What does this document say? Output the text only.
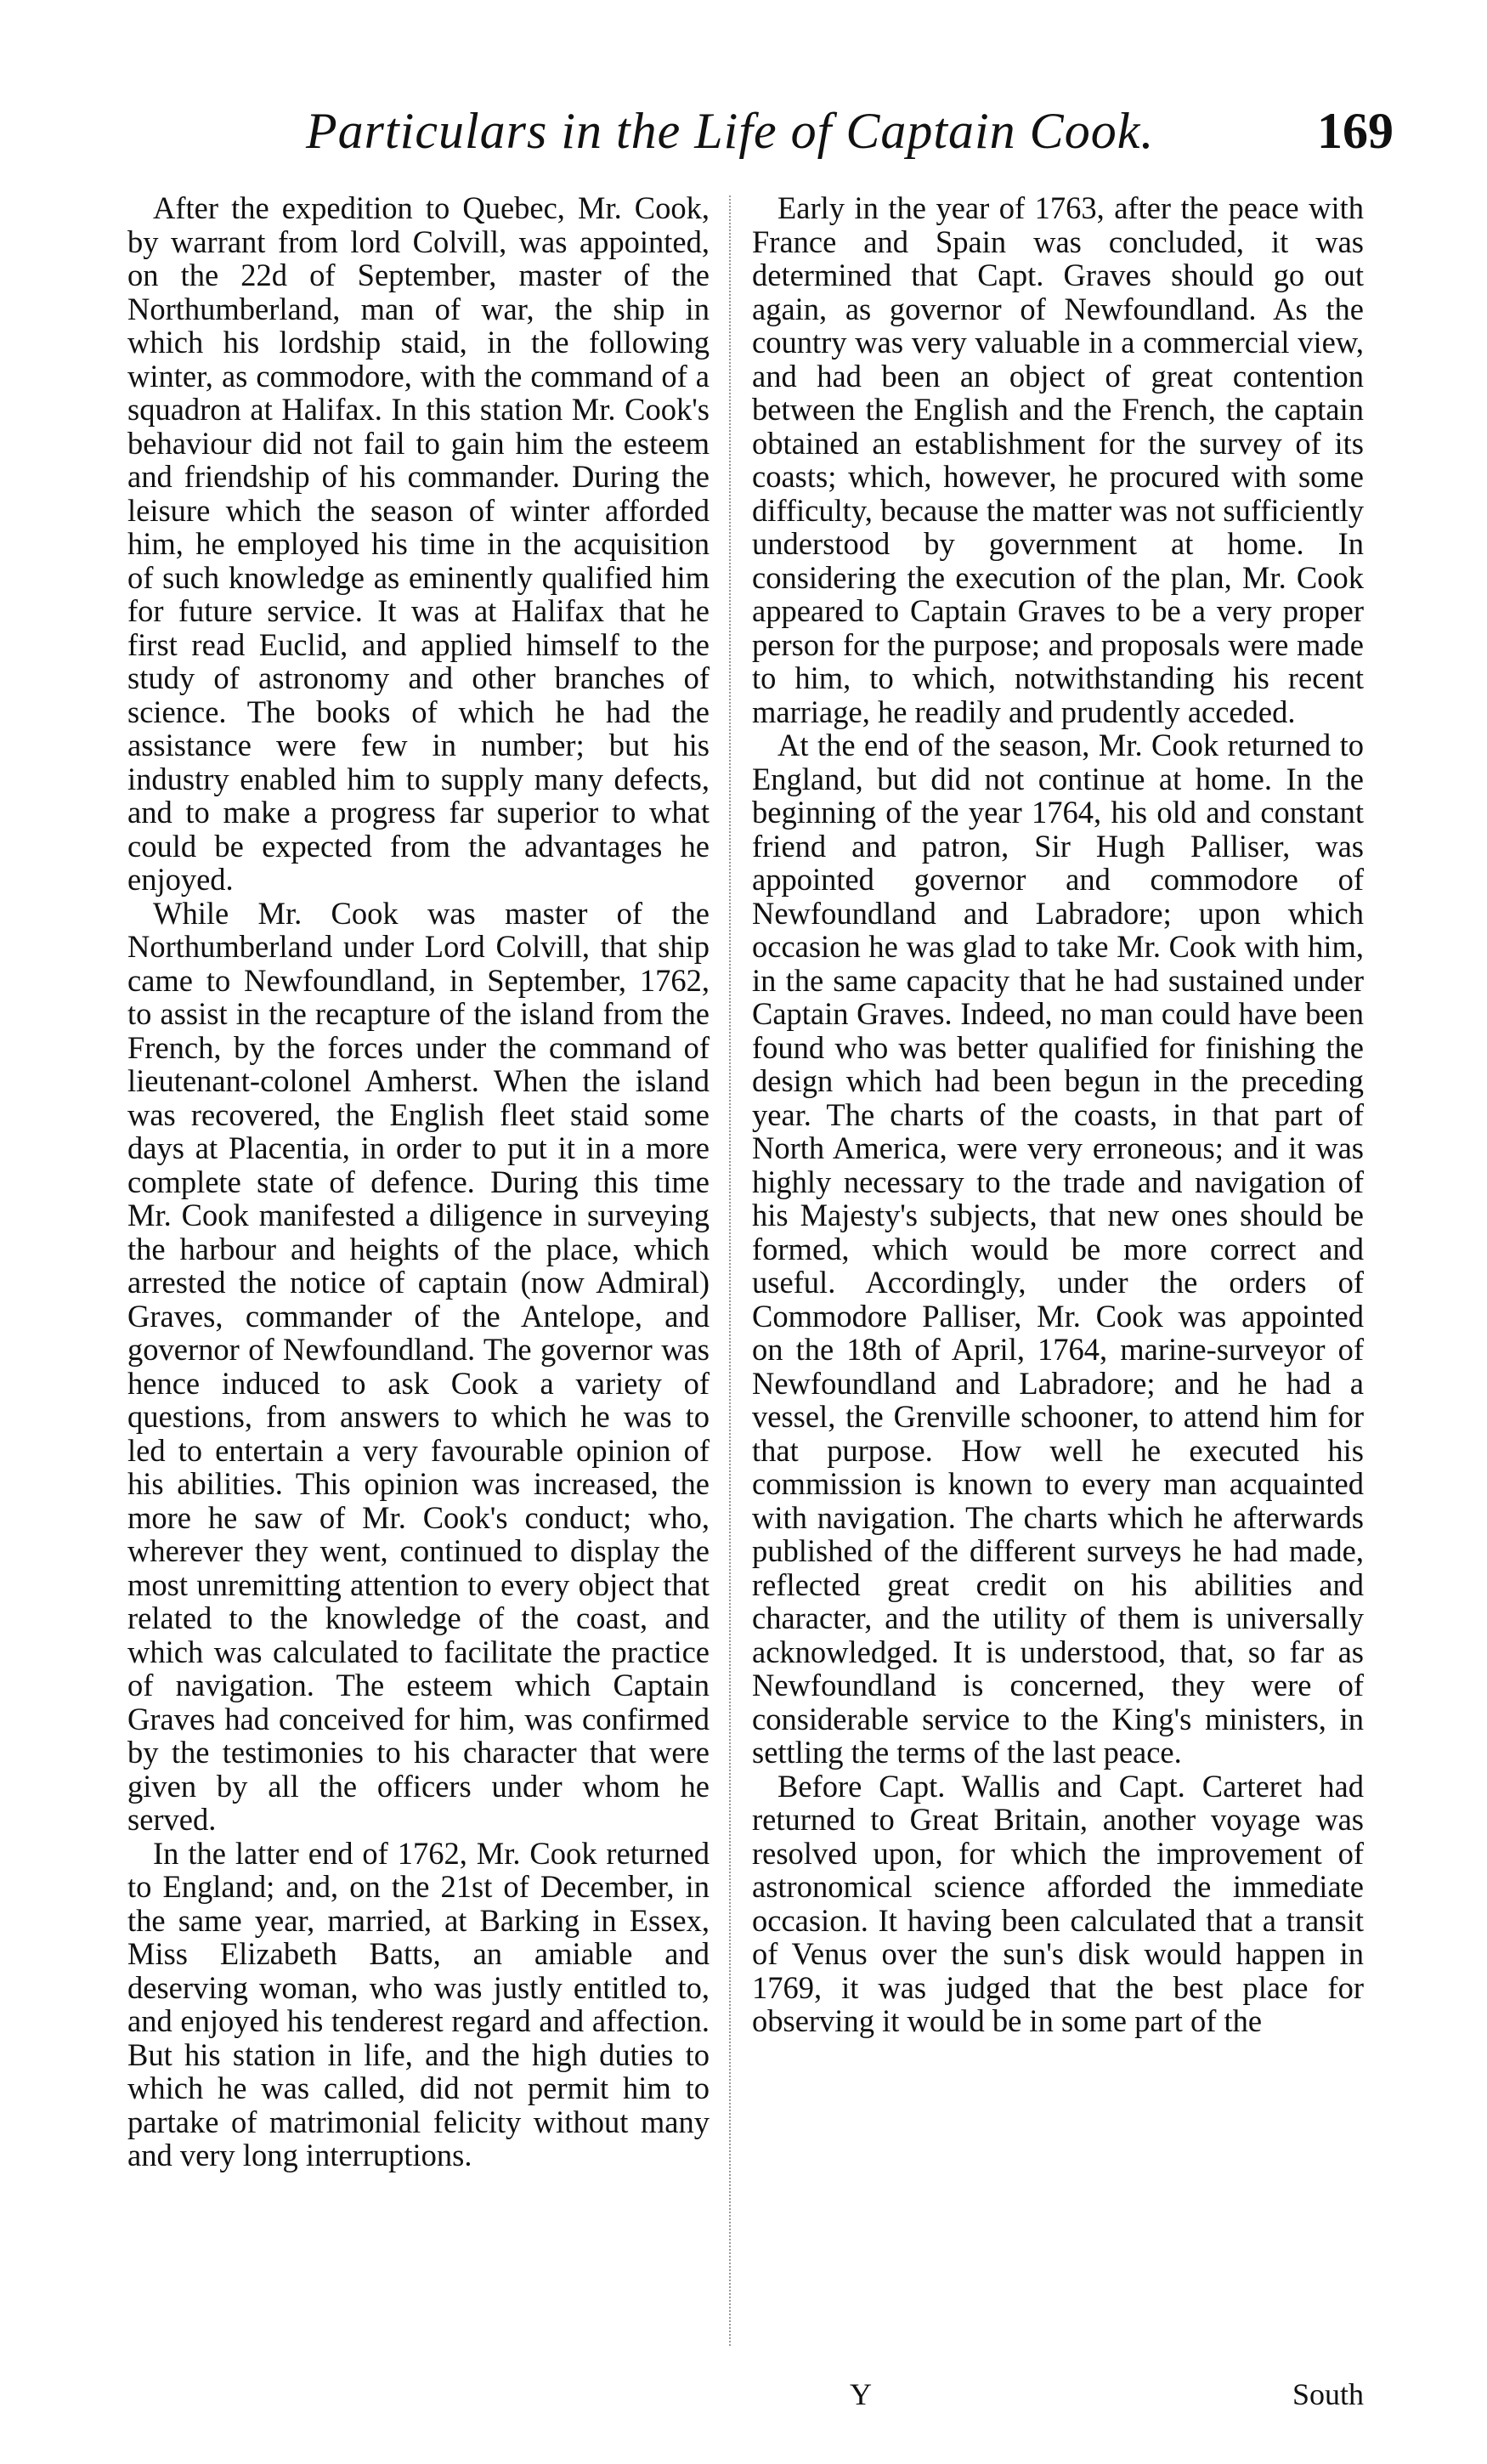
Particulars in the Life of Captain Cook.	169

After the expedition to Quebec, Mr. Cook, by warrant from lord Colvill, was appointed, on the 22d of September, master of the Northumberland, man of war, the ship in which his lordship staid, in the following winter, as commodore, with the command of a squadron at Halifax. In this station Mr. Cook's behaviour did not fail to gain him the esteem and friendship of his commander. During the leisure which the season of winter afforded him, he employed his time in the acquisition of such knowledge as eminently qualified him for future service. It was at Halifax that he first read Euclid, and applied himself to the study of astronomy and other branches of science. The books of which he had the assistance were few in number; but his industry enabled him to supply many defects, and to make a progress far superior to what could be expected from the advantages he enjoyed.

While Mr. Cook was master of the Northumberland under Lord Colvill, that ship came to Newfoundland, in September, 1762, to assist in the recapture of the island from the French, by the forces under the command of lieutenant-colonel Amherst. When the island was recovered, the English fleet staid some days at Placentia, in order to put it in a more complete state of defence. During this time Mr. Cook manifested a diligence in surveying the harbour and heights of the place, which arrested the notice of captain (now Admiral) Graves, commander of the Antelope, and governor of Newfoundland. The governor was hence induced to ask Cook a variety of questions, from answers to which he was to led to entertain a very favourable opinion of his abilities. This opinion was increased, the more he saw of Mr. Cook's conduct; who, wherever they went, continued to display the most unremitting attention to every object that related to the knowledge of the coast, and which was calculated to facilitate the practice of navigation. The esteem which Captain Graves had conceived for him, was confirmed by the testimonies to his character that were given by all the officers under whom he served.

In the latter end of 1762, Mr. Cook returned to England; and, on the 21st of December, in the same year, married, at Barking in Essex, Miss Elizabeth Batts, an amiable and deserving woman, who was justly entitled to, and enjoyed his tenderest regard and affection. But his station in life, and the high duties to which he was called, did not permit him to partake of matrimonial felicity without many and very long interruptions.

Early in the year of 1763, after the peace with France and Spain was concluded, it was determined that Capt. Graves should go out again, as governor of Newfoundland. As the country was very valuable in a commercial view, and had been an object of great contention between the English and the French, the captain obtained an establishment for the survey of its coasts; which, however, he procured with some difficulty, because the matter was not sufficiently understood by government at home. In considering the execution of the plan, Mr. Cook appeared to Captain Graves to be a very proper person for the purpose; and proposals were made to him, to which, notwithstanding his recent marriage, he readily and prudently acceded.

At the end of the season, Mr. Cook returned to England, but did not continue at home. In the beginning of the year 1764, his old and constant friend and patron, Sir Hugh Palliser, was appointed governor and commodore of Newfoundland and Labradore; upon which occasion he was glad to take Mr. Cook with him, in the same capacity that he had sustained under Captain Graves. Indeed, no man could have been found who was better qualified for finishing the design which had been begun in the preceding year. The charts of the coasts, in that part of North America, were very erroneous; and it was highly necessary to the trade and navigation of his Majesty's subjects, that new ones should be formed, which would be more correct and useful. Accordingly, under the orders of Commodore Palliser, Mr. Cook was appointed on the 18th of April, 1764, marine-surveyor of Newfoundland and Labradore; and he had a vessel, the Grenville schooner, to attend him for that purpose. How well he executed his commission is known to every man acquainted with navigation. The charts which he afterwards published of the different surveys he had made, reflected great credit on his abilities and character, and the utility of them is universally acknowledged. It is understood, that, so far as Newfoundland is concerned, they were of considerable service to the King's ministers, in settling the terms of the last peace.

Before Capt. Wallis and Capt. Carteret had returned to Great Britain, another voyage was resolved upon, for which the improvement of astronomical science afforded the immediate occasion. It having been calculated that a transit of Venus over the sun's disk would happen in 1769, it was judged that the best place for observing it would be in some part of the

Y	South
